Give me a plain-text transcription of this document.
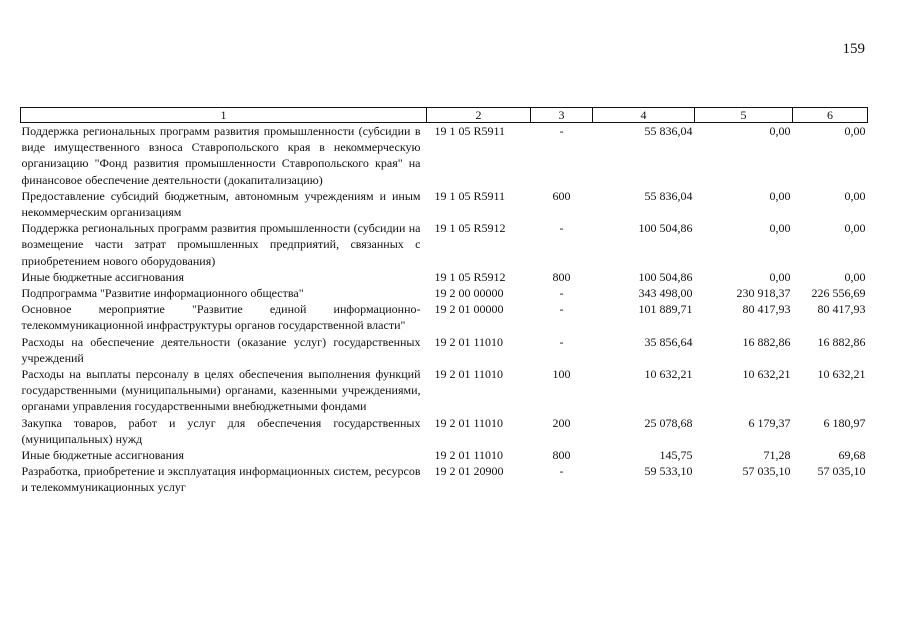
159
1	2	3	4	5	6
Поддержка региональных программ развития промышленности (субсидии в виде имущественного взноса Ставропольского края в некоммерческую организацию "Фонд развития промышленности Ставропольского края" на финансовое обеспечение деятельности (докапитализацию)	19 1 05 R5911	-	55 836,04	0,00	0,00
Предоставление субсидий бюджетным, автономным учреждениям и иным некоммерческим организациям	19 1 05 R5911	600	55 836,04	0,00	0,00
Поддержка региональных программ развития промышленности (субсидии на возмещение части затрат промышленных предприятий, связанных с приобретением нового оборудования)	19 1 05 R5912	-	100 504,86	0,00	0,00
Иные бюджетные ассигнования	19 1 05 R5912	800	100 504,86	0,00	0,00
Подпрограмма "Развитие информационного общества"	19 2 00 00000	-	343 498,00	230 918,37	226 556,69
Основное мероприятие "Развитие единой информационно-телекоммуникационной инфраструктуры органов государственной власти"	19 2 01 00000	-	101 889,71	80 417,93	80 417,93
Расходы на обеспечение деятельности (оказание услуг) государственных учреждений	19 2 01 11010	-	35 856,64	16 882,86	16 882,86
Расходы на выплаты персоналу в целях обеспечения выполнения функций государственными (муниципальными) органами, казенными учреждениями, органами управления государственными внебюджетными фондами	19 2 01 11010	100	10 632,21	10 632,21	10 632,21
Закупка товаров, работ и услуг для обеспечения государственных (муниципальных) нужд	19 2 01 11010	200	25 078,68	6 179,37	6 180,97
Иные бюджетные ассигнования	19 2 01 11010	800	145,75	71,28	69,68
Разработка, приобретение и эксплуатация информационных систем, ресурсов и телекоммуникационных услуг	19 2 01 20900	-	59 533,10	57 035,10	57 035,10
